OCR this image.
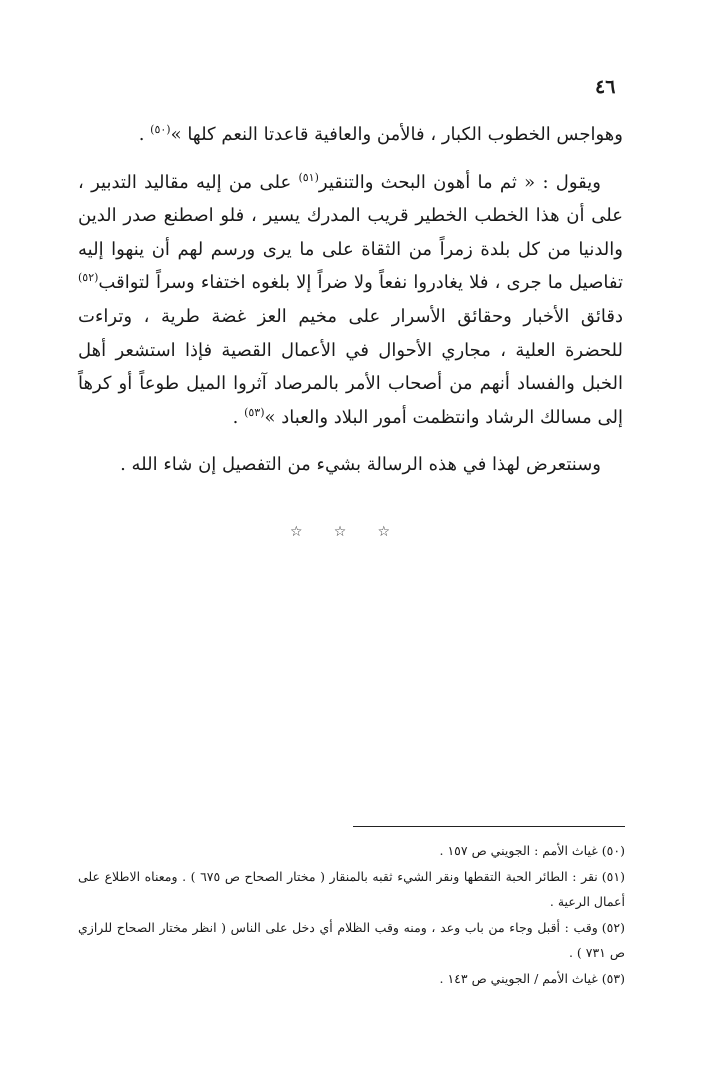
٤٦

وهواجس الخطوب الكبار ، فالأمن والعافية قاعدتا النعم كلها »$^{(٥٠)}$ .

ويقول : « ثم ما أهون البحث والتنقير$^{(٥١)}$ على من إليه مقاليد التدبير ، على أن هذا الخطب الخطير قريب المدرك يسير ، فلو اصطنع صدر الدين والدنيا من كل بلدة زمراً من الثقاة على ما يرى ورسم لهم أن ينهوا إليه تفاصيل ما جرى ، فلا يغادروا نفعاً ولا ضراً إلا بلغوه اختفاء وسراً لتواقب$^{(٥٢)}$ دقائق الأخبار وحقائق الأسرار على مخيم العز غضة طرية ، وتراءت للحضرة العلية ، مجاري الأحوال في الأعمال القصية فإذا استشعر أهل الخبل والفساد أنهم من أصحاب الأمر بالمرصاد آثروا الميل طوعاً أو كرهاً إلى مسالك الرشاد وانتظمت أمور البلاد والعباد »$^{(٥٣)}$ .

وسنتعرض لهذا في هذه الرسالة بشيء من التفصيل إن شاء الله .

☆
☆
☆

(٥٠)غياث الأمم : الجويني ص ١٥٧ .

(٥١)نقر : الطائر الحبة التقطها ونقر الشيء ثقبه بالمنقار ( مختار الصحاح ص ٦٧٥ ) . ومعناه الاطلاع على أعمال الرعية .

(٥٢)وقب : أقبل وجاء من باب وعد ، ومنه وقب الظلام أي دخل على الناس ( انظر مختار الصحاح للرازي ص ٧٣١ ) .

(٥٣)غياث الأمم / الجويني ص ١٤٣ .
